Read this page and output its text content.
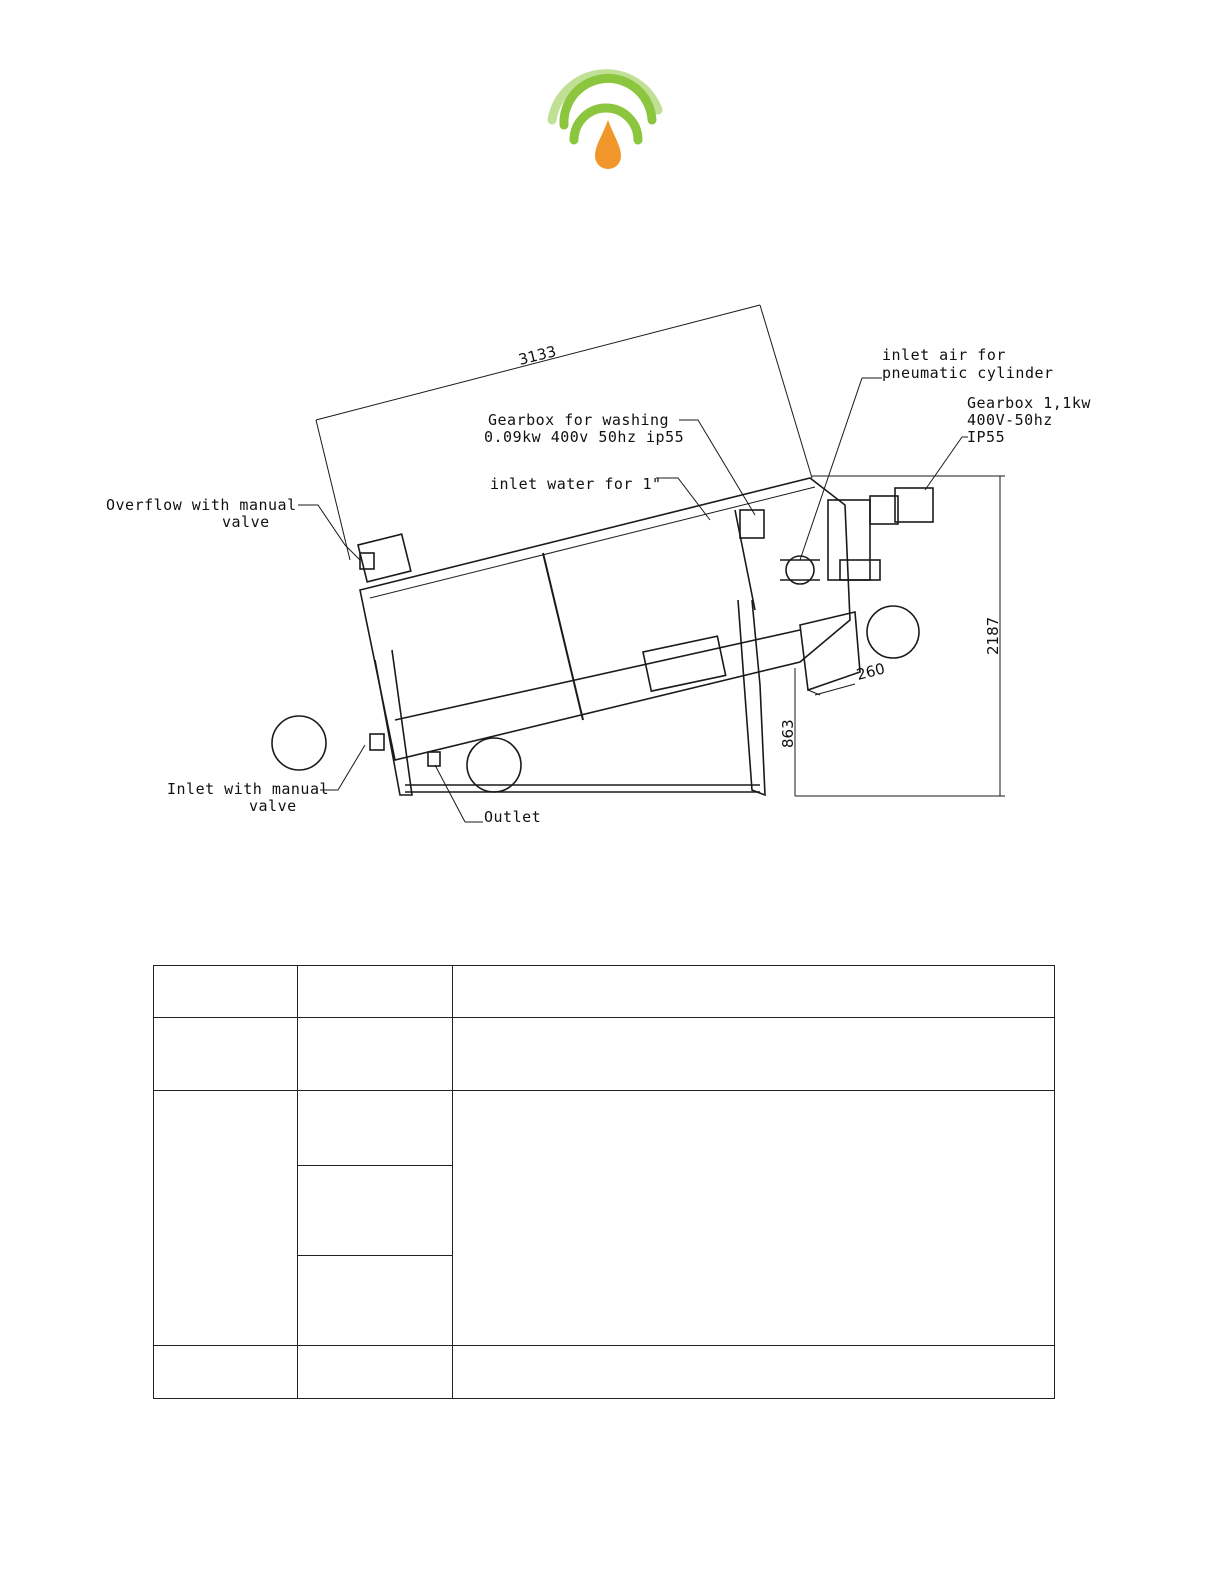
3133
2187
863
260
inlet air for
pneumatic cylinder
Gearbox 1,1kw
400V-50hz
IP55
Gearbox for washing
0.09kw 400v 50hz ip55
inlet water for 1"
Overflow with manual
valve
Inlet with manual
valve
Outlet
